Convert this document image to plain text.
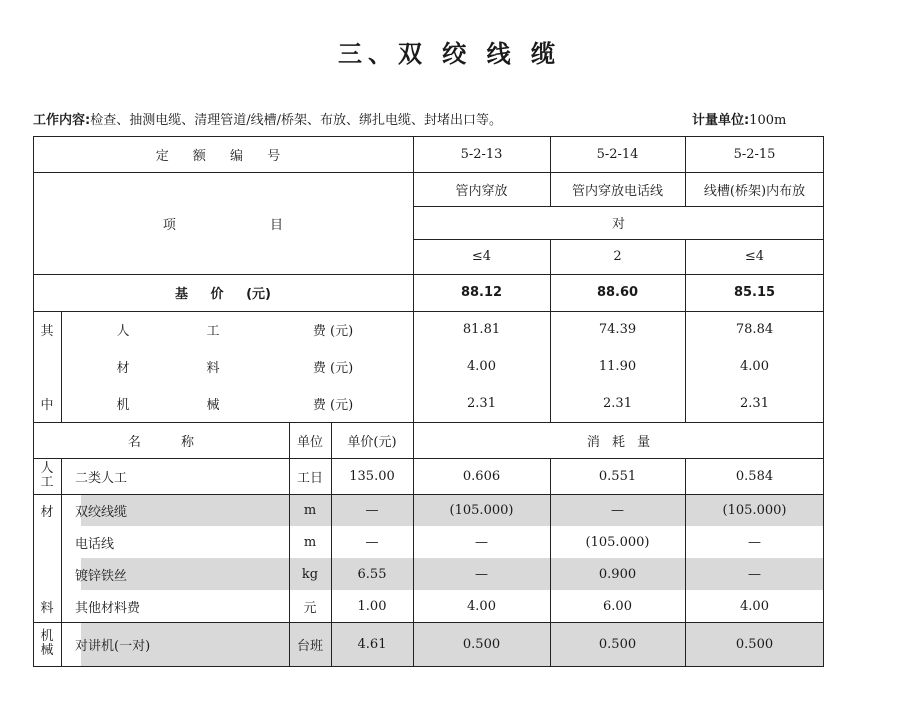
三、双 绞 线 缆
工作内容:检查、抽测电缆、清理管道/线槽/桥架、布放、绑扎电缆、封堵出口等。	计量单位:100m
定 额 编 号	5-2-13	5-2-14	5-2-15
项 目
管内穿放	管内穿放电话线	线槽(桥架)内布放
对
≤4	2	≤4
基 价 (元)	88.12	88.60	85.15
其
中
人	工	费 (元)	81.81	74.39	78.84
材	料	费 (元)	4.00	11.90	4.00
机	械	费 (元)	2.31	2.31	2.31
名 称	单位	单价(元)	消 耗 量
人
工	二类人工	工日	135.00	0.606	0.551	0.584
材
料
双绞线缆	m	—	(105.000)	—	(105.000)
电话线	m	—	—	(105.000)	—
镀锌铁丝	kg	6.55	—	0.900	—
其他材料费	元	1.00	4.00	6.00	4.00
机
械	对讲机(一对)	台班	4.61	0.500	0.500	0.500
